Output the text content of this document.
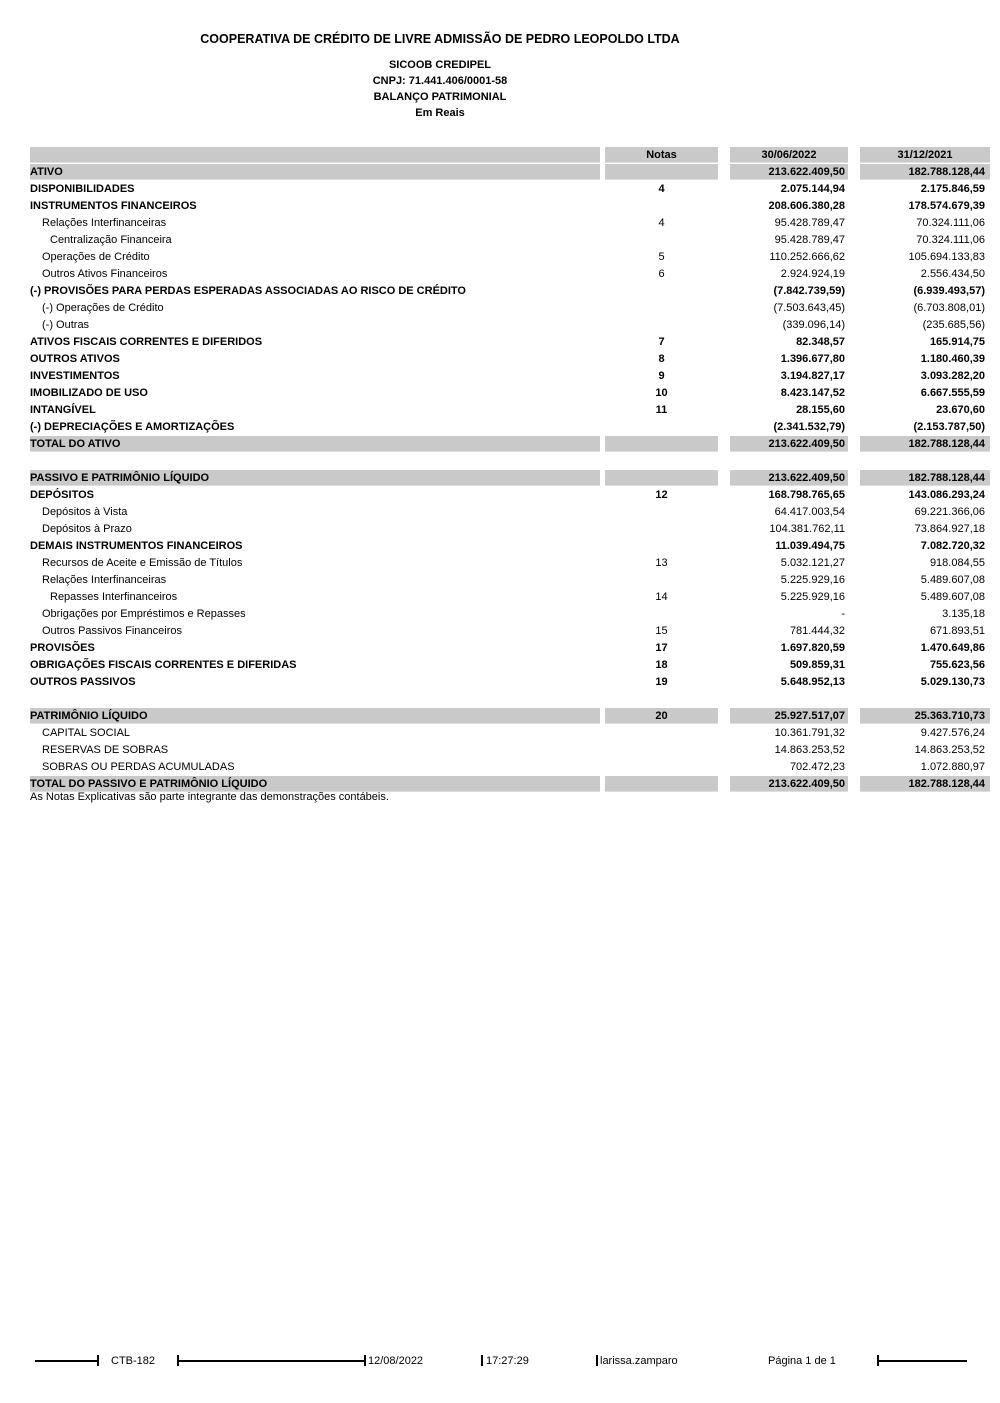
COOPERATIVA DE CRÉDITO DE LIVRE ADMISSÃO DE PEDRO LEOPOLDO LTDA
SICOOB CREDIPEL
CNPJ: 71.441.406/0001-58
BALANÇO PATRIMONIAL
Em Reais
Notas	30/06/2022	31/12/2021
ATIVO	213.622.409,50	182.788.128,44
DISPONIBILIDADES	4	2.075.144,94	2.175.846,59
INSTRUMENTOS FINANCEIROS	208.606.380,28	178.574.679,39
Relações Interfinanceiras	4	95.428.789,47	70.324.111,06
Centralização Financeira	95.428.789,47	70.324.111,06
Operações de Crédito	5	110.252.666,62	105.694.133,83
Outros Ativos Financeiros	6	2.924.924,19	2.556.434,50
(-) PROVISÕES PARA PERDAS ESPERADAS ASSOCIADAS AO RISCO DE CRÉDITO	(7.842.739,59)	(6.939.493,57)
(-) Operações de Crédito	(7.503.643,45)	(6.703.808,01)
(-) Outras	(339.096,14)	(235.685,56)
ATIVOS FISCAIS CORRENTES E DIFERIDOS	7	82.348,57	165.914,75
OUTROS ATIVOS	8	1.396.677,80	1.180.460,39
INVESTIMENTOS	9	3.194.827,17	3.093.282,20
IMOBILIZADO DE USO	10	8.423.147,52	6.667.555,59
INTANGÍVEL	11	28.155,60	23.670,60
(-) DEPRECIAÇÕES E AMORTIZAÇÕES	(2.341.532,79)	(2.153.787,50)
TOTAL DO ATIVO	213.622.409,50	182.788.128,44
PASSIVO E PATRIMÔNIO LÍQUIDO	213.622.409,50	182.788.128,44
DEPÓSITOS	12	168.798.765,65	143.086.293,24
Depósitos à Vista	64.417.003,54	69.221.366,06
Depósitos à Prazo	104.381.762,11	73.864.927,18
DEMAIS INSTRUMENTOS FINANCEIROS	11.039.494,75	7.082.720,32
Recursos de Aceite e Emissão de Títulos	13	5.032.121,27	918.084,55
Relações Interfinanceiras	5.225.929,16	5.489.607,08
Repasses Interfinanceiros	14	5.225.929,16	5.489.607,08
Obrigações por Empréstimos e Repasses	-	3.135,18
Outros Passivos Financeiros	15	781.444,32	671.893,51
PROVISÕES	17	1.697.820,59	1.470.649,86
OBRIGAÇÕES FISCAIS CORRENTES E DIFERIDAS	18	509.859,31	755.623,56
OUTROS PASSIVOS	19	5.648.952,13	5.029.130,73
PATRIMÔNIO LÍQUIDO	20	25.927.517,07	25.363.710,73
CAPITAL SOCIAL	10.361.791,32	9.427.576,24
RESERVAS DE SOBRAS	14.863.253,52	14.863.253,52
SOBRAS OU PERDAS ACUMULADAS	702.472,23	1.072.880,97
TOTAL DO PASSIVO E PATRIMÔNIO LÍQUIDO	213.622.409,50	182.788.128,44
As Notas Explicativas são parte integrante das demonstrações contábeis.
CTB-182	12/08/2022	17:27:29	larissa.zamparo	Página 1 de 1
